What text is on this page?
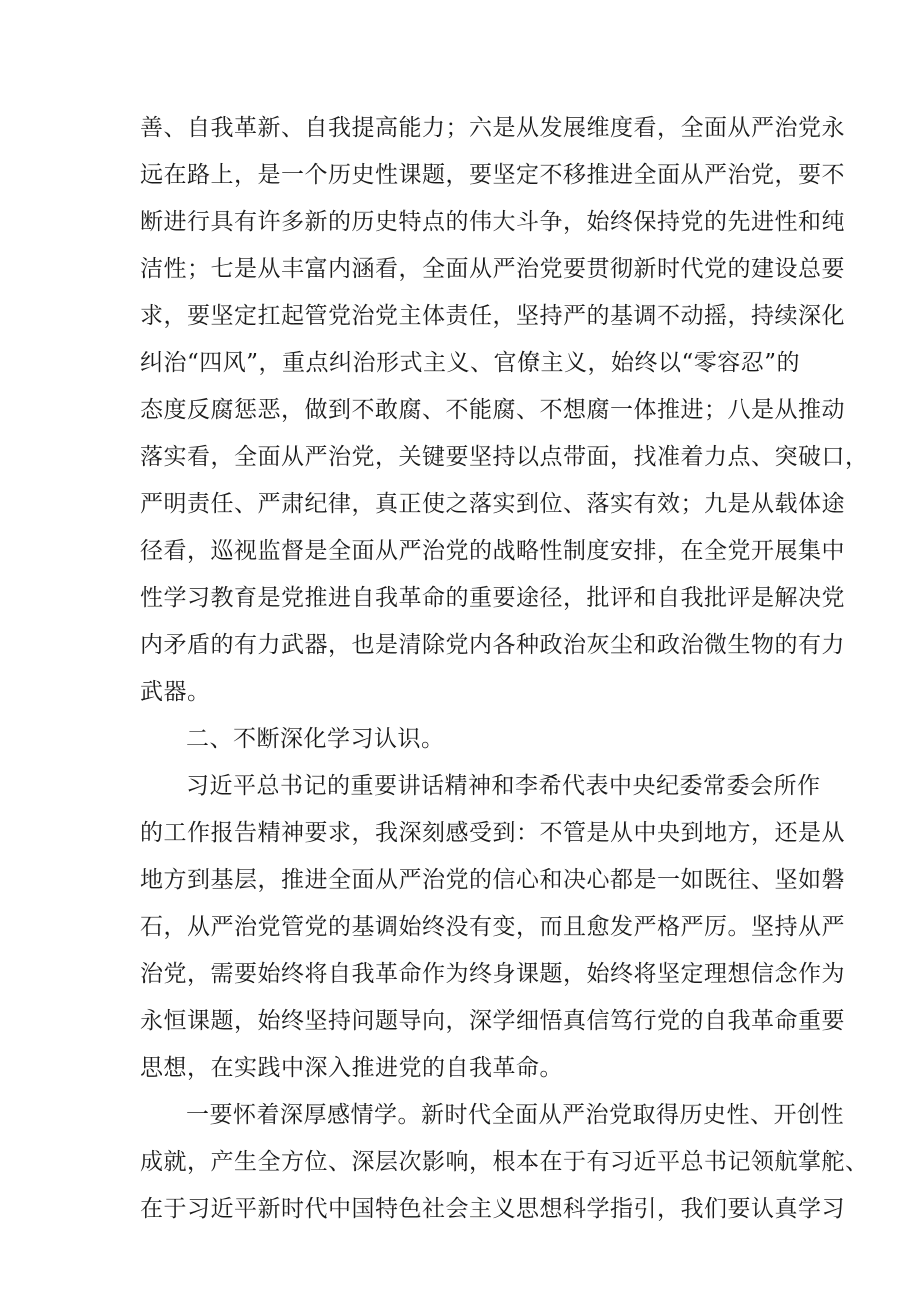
善、自我革新、自我提高能力；六是从发展维度看，全面从严治党永
远在路上，是一个历史性课题，要坚定不移推进全面从严治党，要不
断进行具有许多新的历史特点的伟大斗争，始终保持党的先进性和纯
洁性；七是从丰富内涵看，全面从严治党要贯彻新时代党的建设总要
求，要坚定扛起管党治党主体责任，坚持严的基调不动摇，持续深化
纠治“四风”，重点纠治形式主义、官僚主义，始终以“零容忍”的
态度反腐惩恶，做到不敢腐、不能腐、不想腐一体推进；八是从推动
落实看，全面从严治党，关键要坚持以点带面，找准着力点、突破口，
严明责任、严肃纪律，真正使之落实到位、落实有效；九是从载体途
径看，巡视监督是全面从严治党的战略性制度安排，在全党开展集中
性学习教育是党推进自我革命的重要途径，批评和自我批评是解决党
内矛盾的有力武器，也是清除党内各种政治灰尘和政治微生物的有力
武器。
二、不断深化学习认识。
习近平总书记的重要讲话精神和李希代表中央纪委常委会所作
的工作报告精神要求，我深刻感受到：不管是从中央到地方，还是从
地方到基层，推进全面从严治党的信心和决心都是一如既往、坚如磐
石，从严治党管党的基调始终没有变，而且愈发严格严厉。坚持从严
治党，需要始终将自我革命作为终身课题，始终将坚定理想信念作为
永恒课题，始终坚持问题导向，深学细悟真信笃行党的自我革命重要
思想，在实践中深入推进党的自我革命。
一要怀着深厚感情学。新时代全面从严治党取得历史性、开创性
成就，产生全方位、深层次影响，根本在于有习近平总书记领航掌舵、
在于习近平新时代中国特色社会主义思想科学指引，我们要认真学习
